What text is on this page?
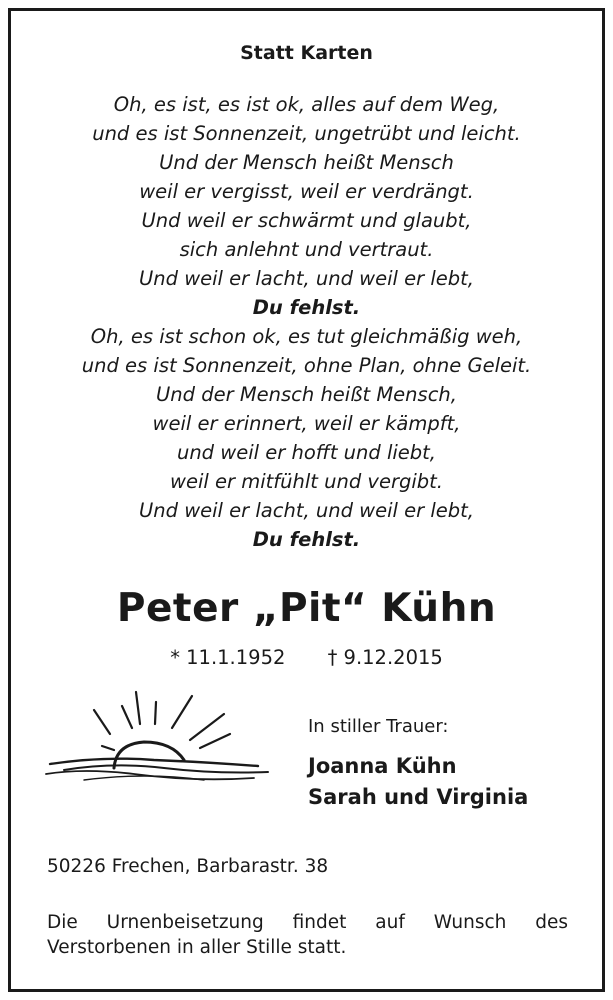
Statt Karten
Oh, es ist, es ist ok, alles auf dem Weg,
und es ist Sonnenzeit, ungetrübt und leicht.
Und der Mensch heißt Mensch
weil er vergisst, weil er verdrängt.
Und weil er schwärmt und glaubt,
sich anlehnt und vertraut.
Und weil er lacht, und weil er lebt,
Du fehlst.
Oh, es ist schon ok, es tut gleichmäßig weh,
und es ist Sonnenzeit, ohne Plan, ohne Geleit.
Und der Mensch heißt Mensch,
weil er erinnert, weil er kämpft,
und weil er hofft und liebt,
weil er mitfühlt und vergibt.
Und weil er lacht, und weil er lebt,
Du fehlst.
Peter „Pit“ Kühn
* 11.1.1952 † 9.12.2015
In stiller Trauer:
Joanna Kühn
Sarah und Virginia
50226 Frechen, Barbarastr. 38
Die Urnenbeisetzung findet auf Wunsch des Verstorbenen in aller Stille statt.
